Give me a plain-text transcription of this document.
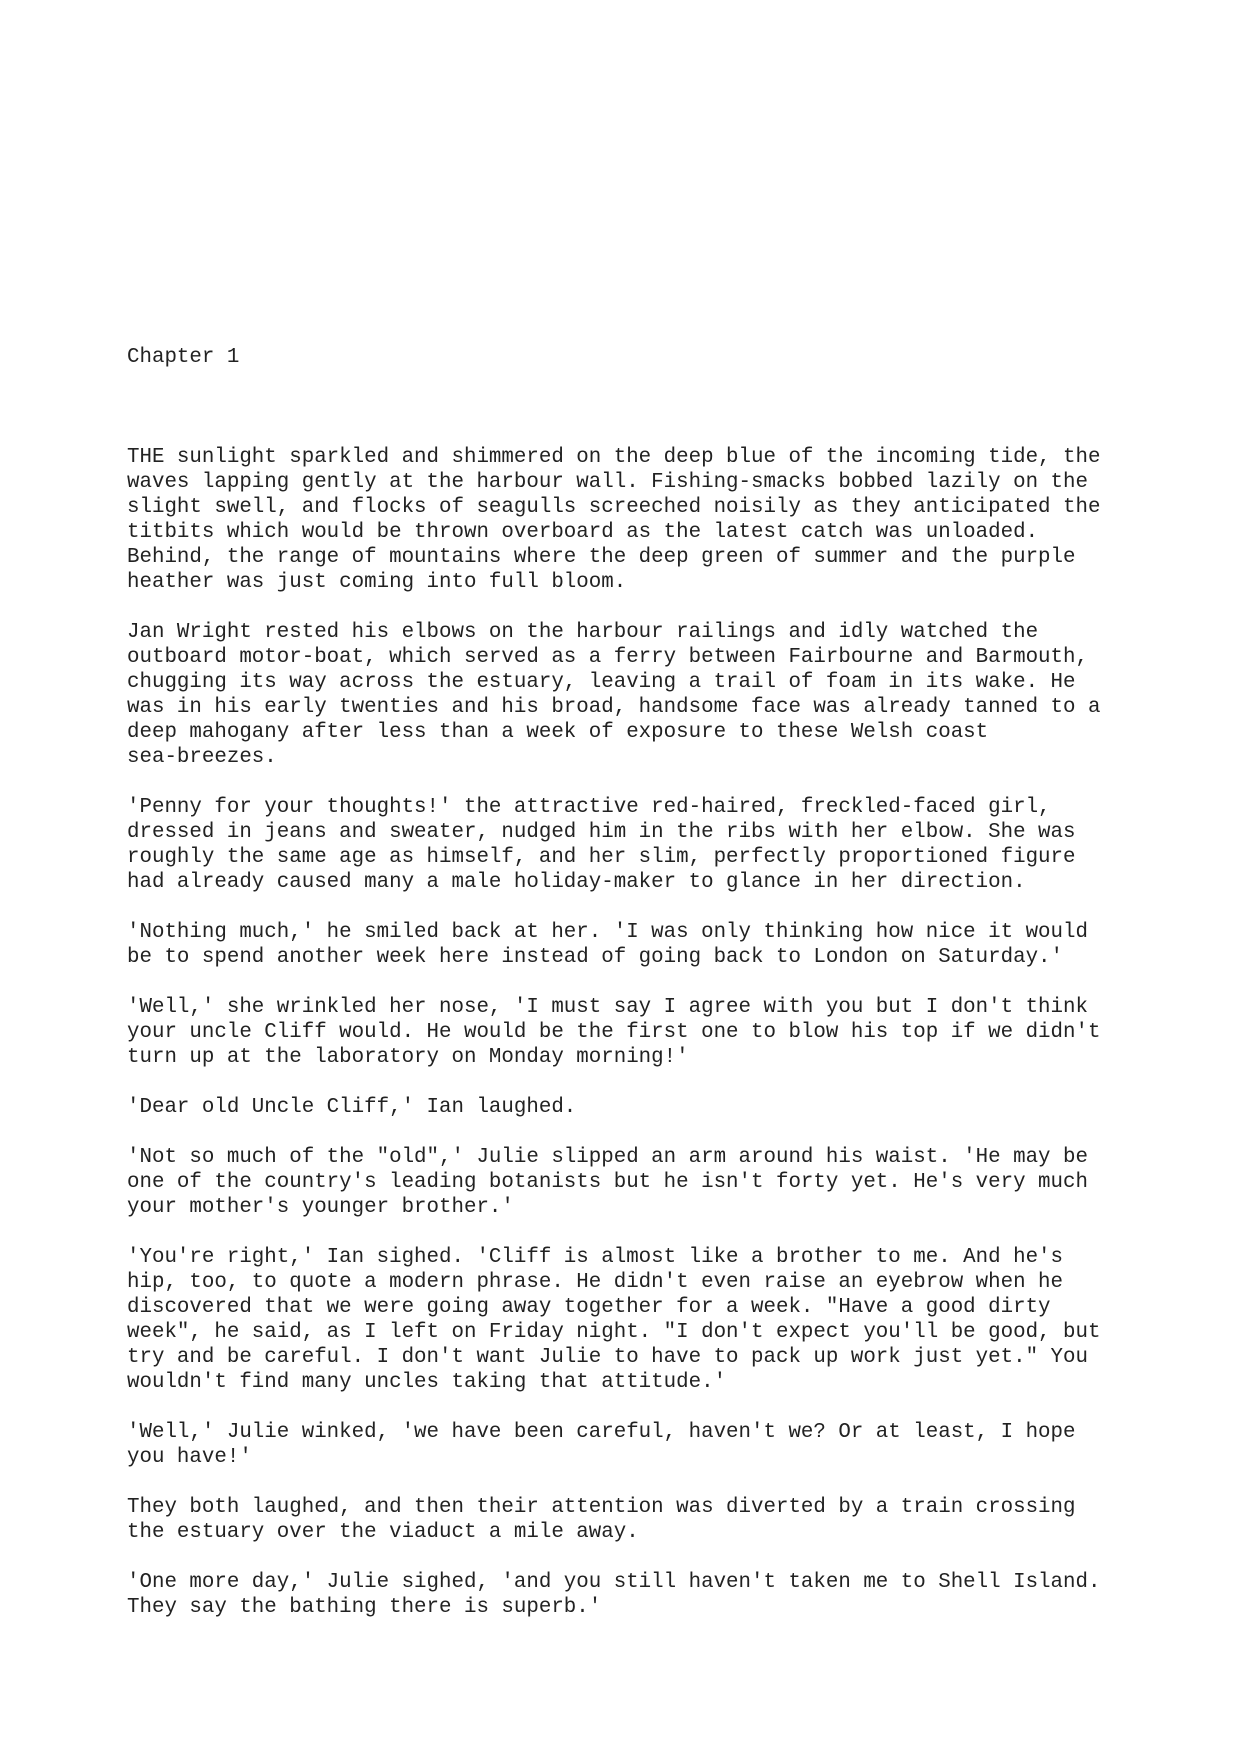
Chapter 1

THE sunlight sparkled and shimmered on the deep blue of the incoming tide, the
waves lapping gently at the harbour wall. Fishing-smacks bobbed lazily on the
slight swell, and flocks of seagulls screeched noisily as they anticipated the
titbits which would be thrown overboard as the latest catch was unloaded.
Behind, the range of mountains where the deep green of summer and the purple
heather was just coming into full bloom.

Jan Wright rested his elbows on the harbour railings and idly watched the
outboard motor-boat, which served as a ferry between Fairbourne and Barmouth,
chugging its way across the estuary, leaving a trail of foam in its wake. He
was in his early twenties and his broad, handsome face was already tanned to a
deep mahogany after less than a week of exposure to these Welsh coast
sea-breezes.

'Penny for your thoughts!' the attractive red-haired, freckled-faced girl,
dressed in jeans and sweater, nudged him in the ribs with her elbow. She was
roughly the same age as himself, and her slim, perfectly proportioned figure
had already caused many a male holiday-maker to glance in her direction.

'Nothing much,' he smiled back at her. 'I was only thinking how nice it would
be to spend another week here instead of going back to London on Saturday.'

'Well,' she wrinkled her nose, 'I must say I agree with you but I don't think
your uncle Cliff would. He would be the first one to blow his top if we didn't
turn up at the laboratory on Monday morning!'

'Dear old Uncle Cliff,' Ian laughed.

'Not so much of the "old",' Julie slipped an arm around his waist. 'He may be
one of the country's leading botanists but he isn't forty yet. He's very much
your mother's younger brother.'

'You're right,' Ian sighed. 'Cliff is almost like a brother to me. And he's
hip, too, to quote a modern phrase. He didn't even raise an eyebrow when he
discovered that we were going away together for a week. "Have a good dirty
week", he said, as I left on Friday night. "I don't expect you'll be good, but
try and be careful. I don't want Julie to have to pack up work just yet." You
wouldn't find many uncles taking that attitude.'

'Well,' Julie winked, 'we have been careful, haven't we? Or at least, I hope
you have!'

They both laughed, and then their attention was diverted by a train crossing
the estuary over the viaduct a mile away.

'One more day,' Julie sighed, 'and you still haven't taken me to Shell Island.
They say the bathing there is superb.'
